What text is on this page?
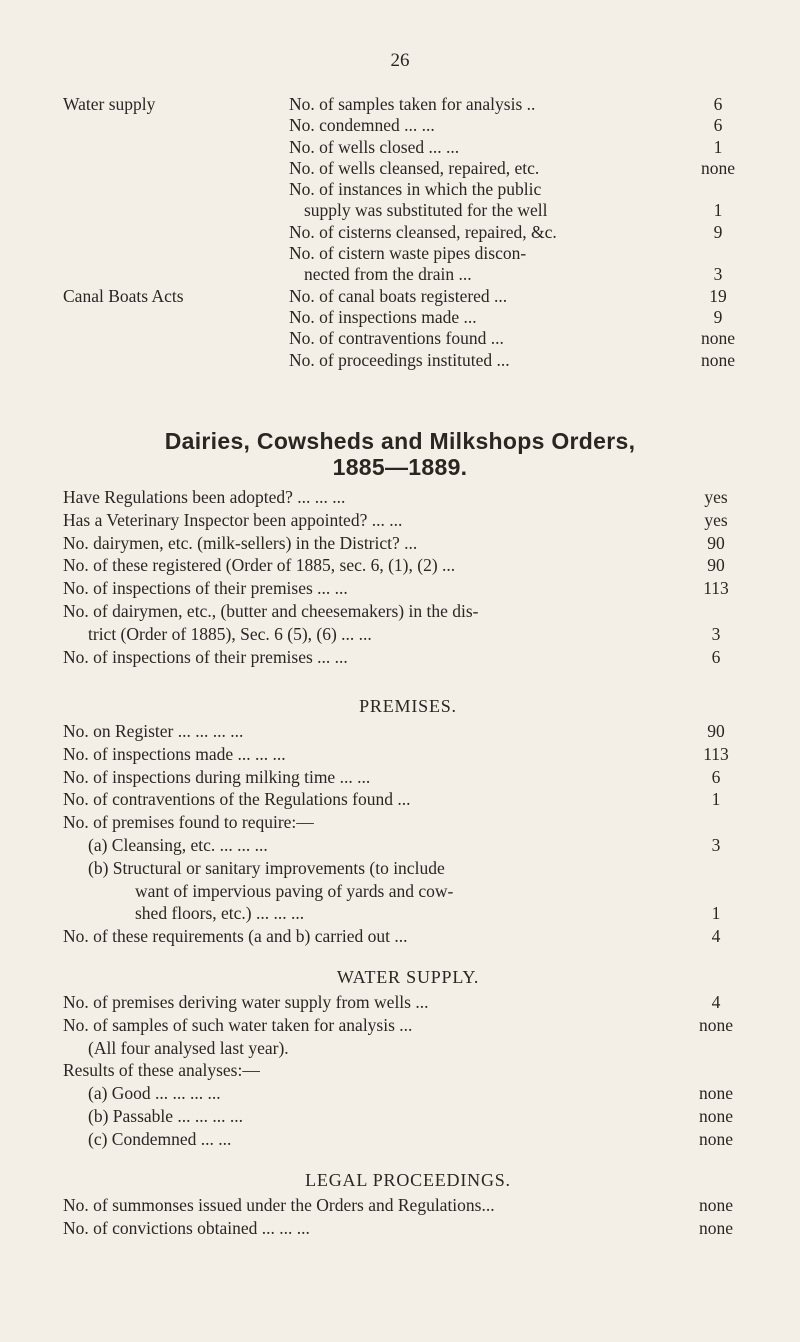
26
Water supply	No. of samples taken for analysis ..	6
No. condemned ... ...	6
No. of wells closed ... ...	1
No. of wells cleansed, repaired, etc.	none
No. of instances in which the public
supply was substituted for the well	1
No. of cisterns cleansed, repaired, &c.	9
No. of cistern waste pipes discon-
nected from the drain ...	3
Canal Boats Acts	No. of canal boats registered ...	19
No. of inspections made ...	9
No. of contraventions found ...	none
No. of proceedings instituted ...	none
Dairies, Cowsheds and Milkshops Orders,
1885—1889.
Have Regulations been adopted? ... ... ...	yes
Has a Veterinary Inspector been appointed? ... ...	yes
No. dairymen, etc. (milk-sellers) in the District? ...	90
No. of these registered (Order of 1885, sec. 6, (1), (2) ...	90
No. of inspections of their premises ... ...	113
No. of dairymen, etc., (butter and cheesemakers) in the dis-
trict (Order of 1885), Sec. 6 (5), (6) ... ...	3
No. of inspections of their premises ... ...	6
PREMISES.
No. on Register ... ... ... ...	90
No. of inspections made ... ... ...	113
No. of inspections during milking time ... ...	6
No. of contraventions of the Regulations found ...	1
No. of premises found to require:—
(a) Cleansing, etc. ... ... ...	3
(b) Structural or sanitary improvements (to include
want of impervious paving of yards and cow-
shed floors, etc.) ... ... ...	1
No. of these requirements (a and b) carried out ...	4
WATER SUPPLY.
No. of premises deriving water supply from wells ...	4
No. of samples of such water taken for analysis ...	none
(All four analysed last year).
Results of these analyses:—
(a) Good ... ... ... ...	none
(b) Passable ... ... ... ...	none
(c) Condemned ... ...	none
LEGAL PROCEEDINGS.
No. of summonses issued under the Orders and Regulations...	none
No. of convictions obtained ... ... ...	none
